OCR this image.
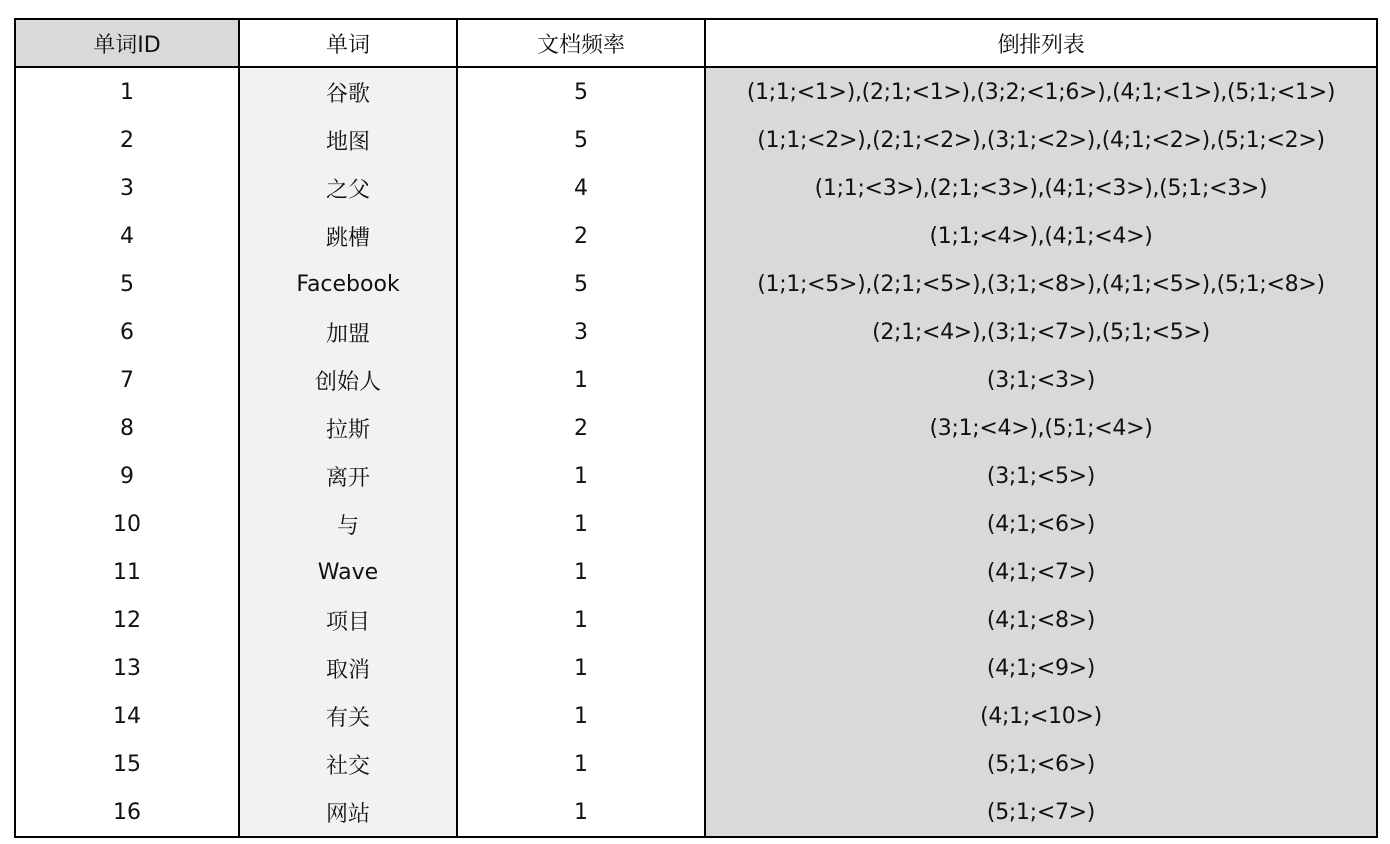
单词ID	单词	文档频率	倒排列表
1	谷歌	5	(1;1;<1>),(2;1;<1>),(3;2;<1;6>),(4;1;<1>),(5;1;<1>)
2	地图	5	(1;1;<2>),(2;1;<2>),(3;1;<2>),(4;1;<2>),(5;1;<2>)
3	之父	4	(1;1;<3>),(2;1;<3>),(4;1;<3>),(5;1;<3>)
4	跳槽	2	(1;1;<4>),(4;1;<4>)
5	Facebook	5	(1;1;<5>),(2;1;<5>),(3;1;<8>),(4;1;<5>),(5;1;<8>)
6	加盟	3	(2;1;<4>),(3;1;<7>),(5;1;<5>)
7	创始人	1	(3;1;<3>)
8	拉斯	2	(3;1;<4>),(5;1;<4>)
9	离开	1	(3;1;<5>)
10	与	1	(4;1;<6>)
11	Wave	1	(4;1;<7>)
12	项目	1	(4;1;<8>)
13	取消	1	(4;1;<9>)
14	有关	1	(4;1;<10>)
15	社交	1	(5;1;<6>)
16	网站	1	(5;1;<7>)
